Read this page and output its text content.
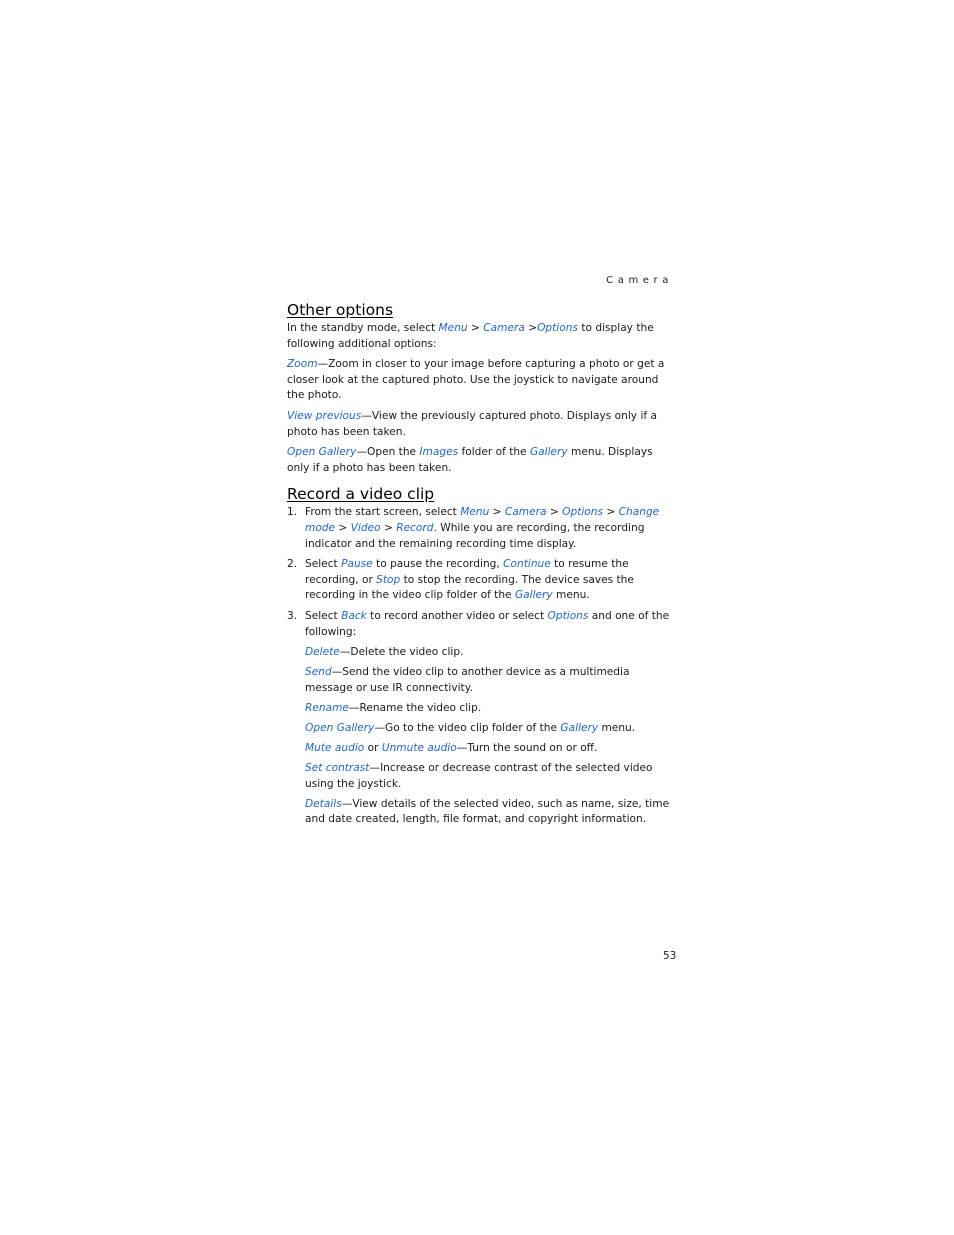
Camera
Other options

In the standby mode, select Menu > Camera >Options to display the following additional options:

Zoom—Zoom in closer to your image before capturing a photo or get a closer look at the captured photo. Use the joystick to navigate around the photo.

View previous—View the previously captured photo. Displays only if a photo has been taken.

Open Gallery—Open the Images folder of the Gallery menu. Displays only if a photo has been taken.

Record a video clip
1. From the start screen, select Menu > Camera > Options > Change mode > Video > Record. While you are recording, the recording indicator and the remaining recording time display.
2. Select Pause to pause the recording, Continue to resume the recording, or Stop to stop the recording. The device saves the recording in the video clip folder of the Gallery menu.
3. Select Back to record another video or select Options and one of the following:

Delete—Delete the video clip.

Send—Send the video clip to another device as a multimedia message or use IR connectivity.

Rename—Rename the video clip.

Open Gallery—Go to the video clip folder of the Gallery menu.

Mute audio or Unmute audio—Turn the sound on or off.

Set contrast—Increase or decrease contrast of the selected video using the joystick.

Details—View details of the selected video, such as name, size, time and date created, length, file format, and copyright information.

53
